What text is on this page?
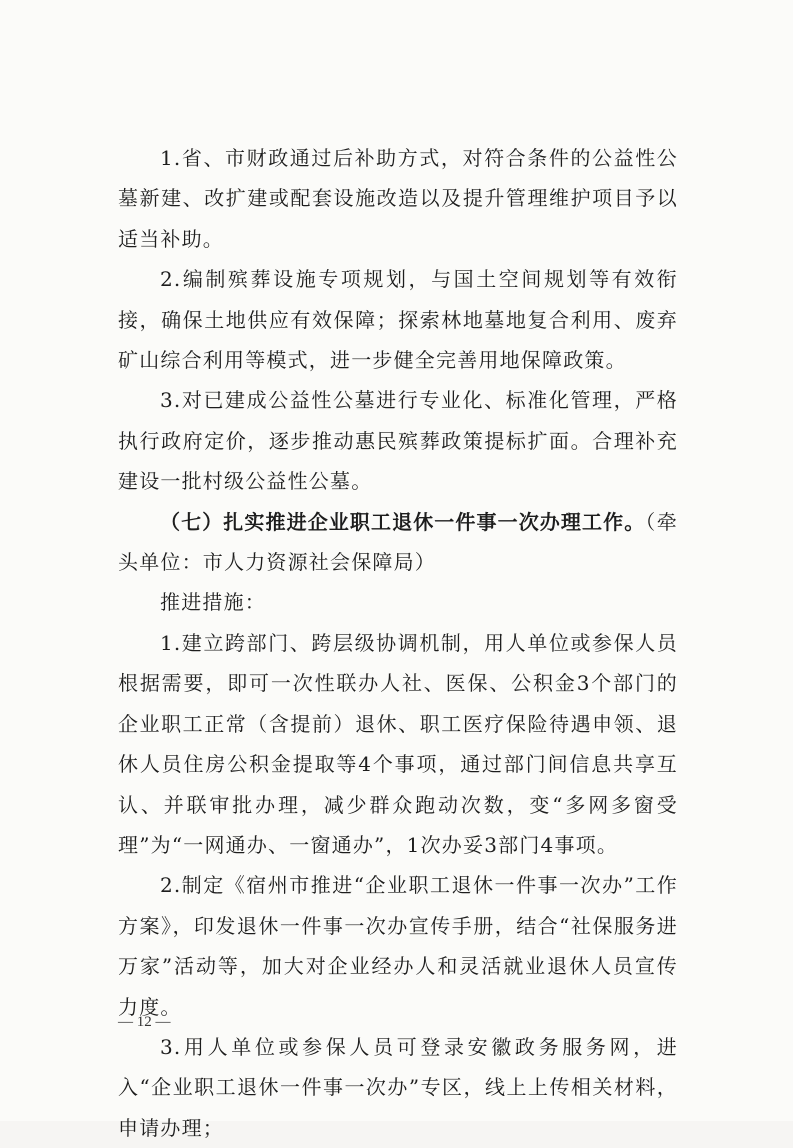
1.省、市财政通过后补助方式，对符合条件的公益性公墓新建、改扩建或配套设施改造以及提升管理维护项目予以适当补助。

2.编制殡葬设施专项规划，与国土空间规划等有效衔接，确保土地供应有效保障；探索林地墓地复合利用、废弃矿山综合利用等模式，进一步健全完善用地保障政策。

3.对已建成公益性公墓进行专业化、标准化管理，严格执行政府定价，逐步推动惠民殡葬政策提标扩面。合理补充建设一批村级公益性公墓。

（七）扎实推进企业职工退休一件事一次办理工作。（牵头单位：市人力资源社会保障局）

推进措施：

1.建立跨部门、跨层级协调机制，用人单位或参保人员根据需要，即可一次性联办人社、医保、公积金3个部门的企业职工正常（含提前）退休、职工医疗保险待遇申领、退休人员住房公积金提取等4个事项，通过部门间信息共享互认、并联审批办理，减少群众跑动次数，变“多网多窗受理”为“一网通办、一窗通办”，1次办妥3部门4事项。

2.制定《宿州市推进“企业职工退休一件事一次办”工作方案》，印发退休一件事一次办宣传手册，结合“社保服务进万家”活动等，加大对企业经办人和灵活就业退休人员宣传力度。

3.用人单位或参保人员可登录安徽政务服务网，进入“企业职工退休一件事一次办”专区，线上上传相关材料，申请办理；

— 12 —
